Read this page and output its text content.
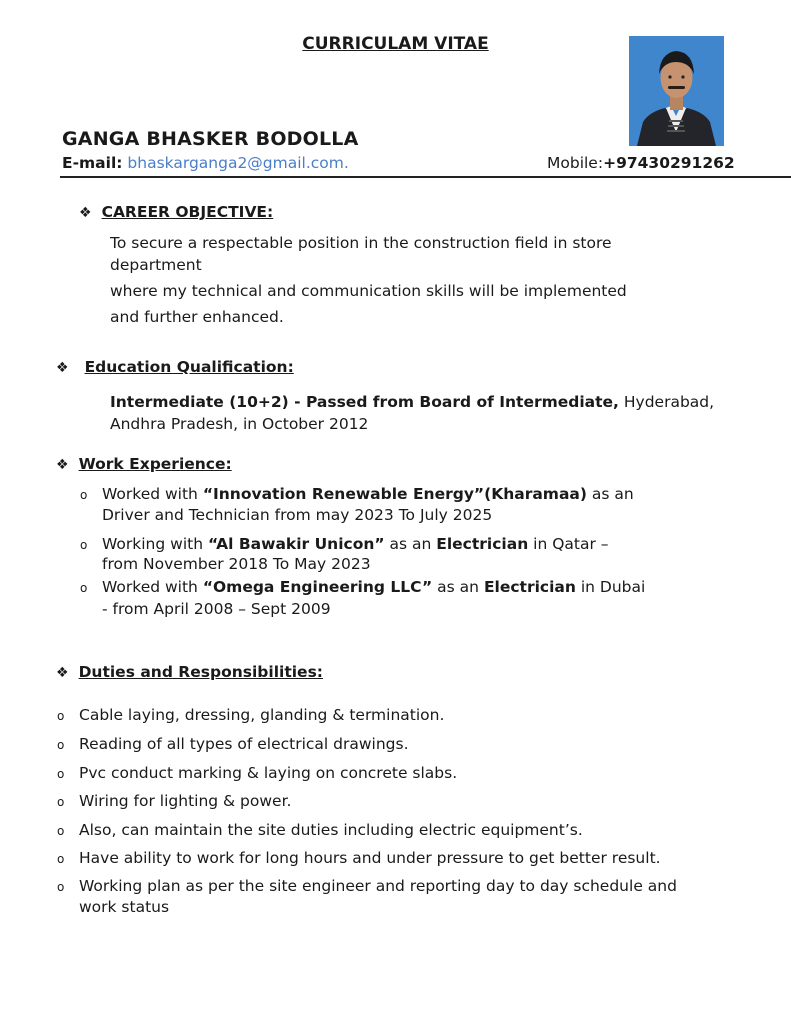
CURRICULAM VITAE
GANGA BHASKER BODOLLA
E-mail: bhaskarganga2@gmail.com.	Mobile:+97430291262
❖ CAREER OBJECTIVE:
To secure a respectable position in the construction field in store
department
where my technical and communication skills will be implemented
and further enhanced.
❖ Education Qualification:
Intermediate (10+2) - Passed from Board of Intermediate, Hyderabad,
Andhra Pradesh, in October 2012
❖ Work Experience:
o Worked with “Innovation Renewable Energy”(Kharamaa) as an
Driver and Technician from may 2023 To July 2025
o Working with “Al Bawakir Unicon” as an Electrician in Qatar –
from November 2018 To May 2023
o Worked with “Omega Engineering LLC” as an Electrician in Dubai
- from April 2008 – Sept 2009
❖ Duties and Responsibilities:
o Cable laying, dressing, glanding & termination.
o Reading of all types of electrical drawings.
o Pvc conduct marking & laying on concrete slabs.
o Wiring for lighting & power.
o Also, can maintain the site duties including electric equipment’s.
o Have ability to work for long hours and under pressure to get better result.
o Working plan as per the site engineer and reporting day to day schedule and
work status
